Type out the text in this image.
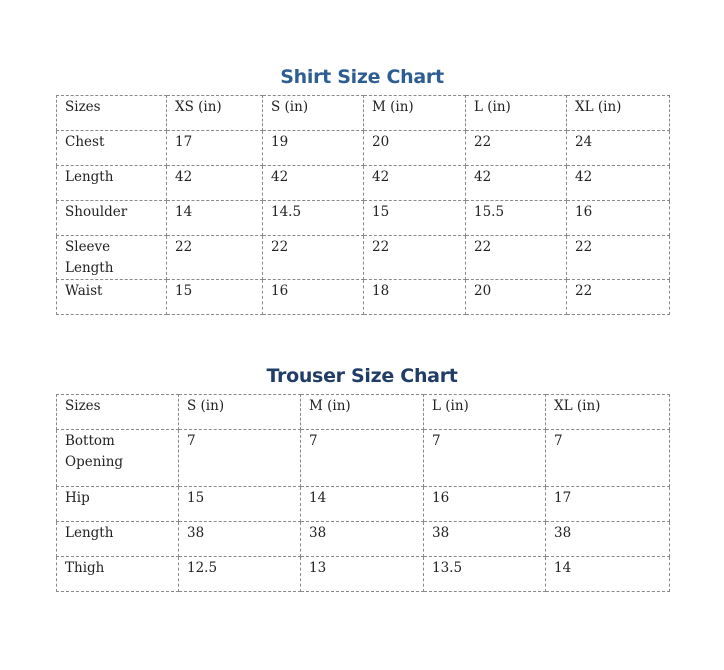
Shirt Size Chart
Sizes	XS (in)	S (in)	M (in)	L (in)	XL (in)
Chest	17	19	20	22	24
Length	42	42	42	42	42
Shoulder	14	14.5	15	15.5	16
Sleeve Length	22	22	22	22	22
Waist	15	16	18	20	22
Trouser Size Chart
Sizes	S (in)	M (in)	L (in)	XL (in)
Bottom Opening	7	7	7	7
Hip	15	14	16	17
Length	38	38	38	38
Thigh	12.5	13	13.5	14
